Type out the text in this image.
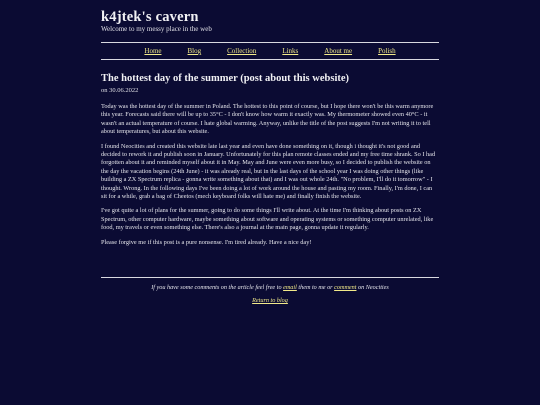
k4jtek's cavern

Welcome to my messy place in the web

Home	Blog	Collection	Links	About me	Polish
The hottest day of the summer (post about this website)

on 30.06.2022

Today was the hottest day of the summer in Poland. The hottest to this point of course, but I hope there won't be this warm anymore this year. Forecasts said there will be up to 35°C - I don't know how warm it exactly was. My thermometer showed even 40°C - it wasn't an actual temperature of course. I hate global warming. Anyway, unlike the title of the post suggests I'm not writing it to tell about temperatures, but about this website.

I found Neocities and created this website late last year and even have done something on it, though i thought it's not good and decided to rework it and publish soon in January. Unfortunately for this plan remote classes ended and my free time shrank. So I had forgotten about it and reminded myself about it in May. May and June were even more busy, so I decided to publish the website on the day the vacation begins (24th June) - it was already real, but in the last days of the school year I was doing other things (like building a ZX Spectrum replica - gonna write something about that) and I was out whole 24th. "No problem, I'll do it tomorrow" - I thought. Wrong. In the following days I've been doing a lot of work around the house and pasting my room. Finally, I'm done, I can sit for a while, grab a bag of Cheetos (mech keyboard folks will hate me) and finally finish the website.

I've got quite a lot of plans for the summer, going to do some things I'll write about. At the time I'm thinking about posts on ZX Spectrum, other computer hardware, maybe something about software and operating systems or something computer unrelated, like food, my travels or even something else. There's also a journal at the main page, gonna update it regularly.

Please forgive me if this post is a pure nonsense. I'm tired already. Have a nice day!

If you have some comments on the article feel free to email them to me or comment on Neocities
Return to blog
